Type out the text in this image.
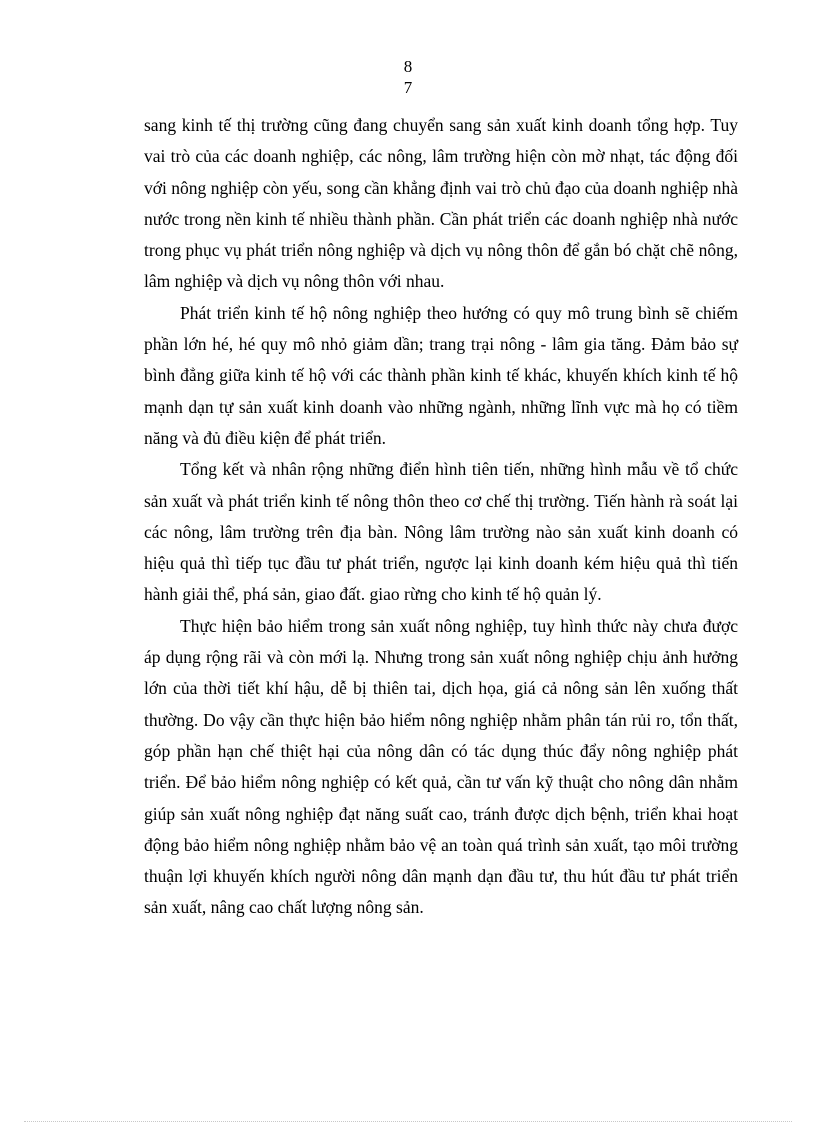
8
7

sang kinh tế thị trường cũng đang chuyển sang sản xuất kinh doanh tổng hợp. Tuy vai trò của các doanh nghiệp, các nông, lâm trường hiện còn mờ nhạt, tác động đối với nông nghiệp còn yếu, song cần khẳng định vai trò chủ đạo của doanh nghiệp nhà nước trong nền kinh tế nhiều thành phần. Cần phát triển các doanh nghiệp nhà nước trong phục vụ phát triển nông nghiệp và dịch vụ nông thôn để gắn bó chặt chẽ nông, lâm nghiệp và dịch vụ nông thôn với nhau.

Phát triển kinh tế hộ nông nghiệp theo hướng có quy mô trung bình sẽ chiếm phần lớn hé, hé quy mô nhỏ giảm dần; trang trại nông - lâm gia tăng. Đảm bảo sự bình đẳng giữa kinh tế hộ với các thành phần kinh tế khác, khuyến khích kinh tế hộ mạnh dạn tự sản xuất kinh doanh vào những ngành, những lĩnh vực mà họ có tiềm năng và đủ điều kiện để phát triển.

Tổng kết và nhân rộng những điển hình tiên tiến, những hình mẫu về tổ chức sản xuất và phát triển kinh tế nông thôn theo cơ chế thị trường. Tiến hành rà soát lại các nông, lâm trường trên địa bàn. Nông lâm trường nào sản xuất kinh doanh có hiệu quả thì tiếp tục đầu tư phát triển, ngược lại kinh doanh kém hiệu quả thì tiến hành giải thể, phá sản, giao đất. giao rừng cho kinh tế hộ quản lý.

Thực hiện bảo hiểm trong sản xuất nông nghiệp, tuy hình thức này chưa được áp dụng rộng rãi và còn mới lạ. Nhưng trong sản xuất nông nghiệp chịu ảnh hưởng lớn của thời tiết khí hậu, dễ bị thiên tai, dịch họa, giá cả nông sản lên xuống thất thường. Do vậy cần thực hiện bảo hiểm nông nghiệp nhằm phân tán rủi ro, tổn thất, góp phần hạn chế thiệt hại của nông dân có tác dụng thúc đẩy nông nghiệp phát triển. Để bảo hiểm nông nghiệp có kết quả, cần tư vấn kỹ thuật cho nông dân nhằm giúp sản xuất nông nghiệp đạt năng suất cao, tránh được dịch bệnh, triển khai hoạt động bảo hiểm nông nghiệp nhằm bảo vệ an toàn quá trình sản xuất, tạo môi trường thuận lợi khuyến khích người nông dân mạnh dạn đầu tư, thu hút đầu tư phát triển sản xuất, nâng cao chất lượng nông sản.
